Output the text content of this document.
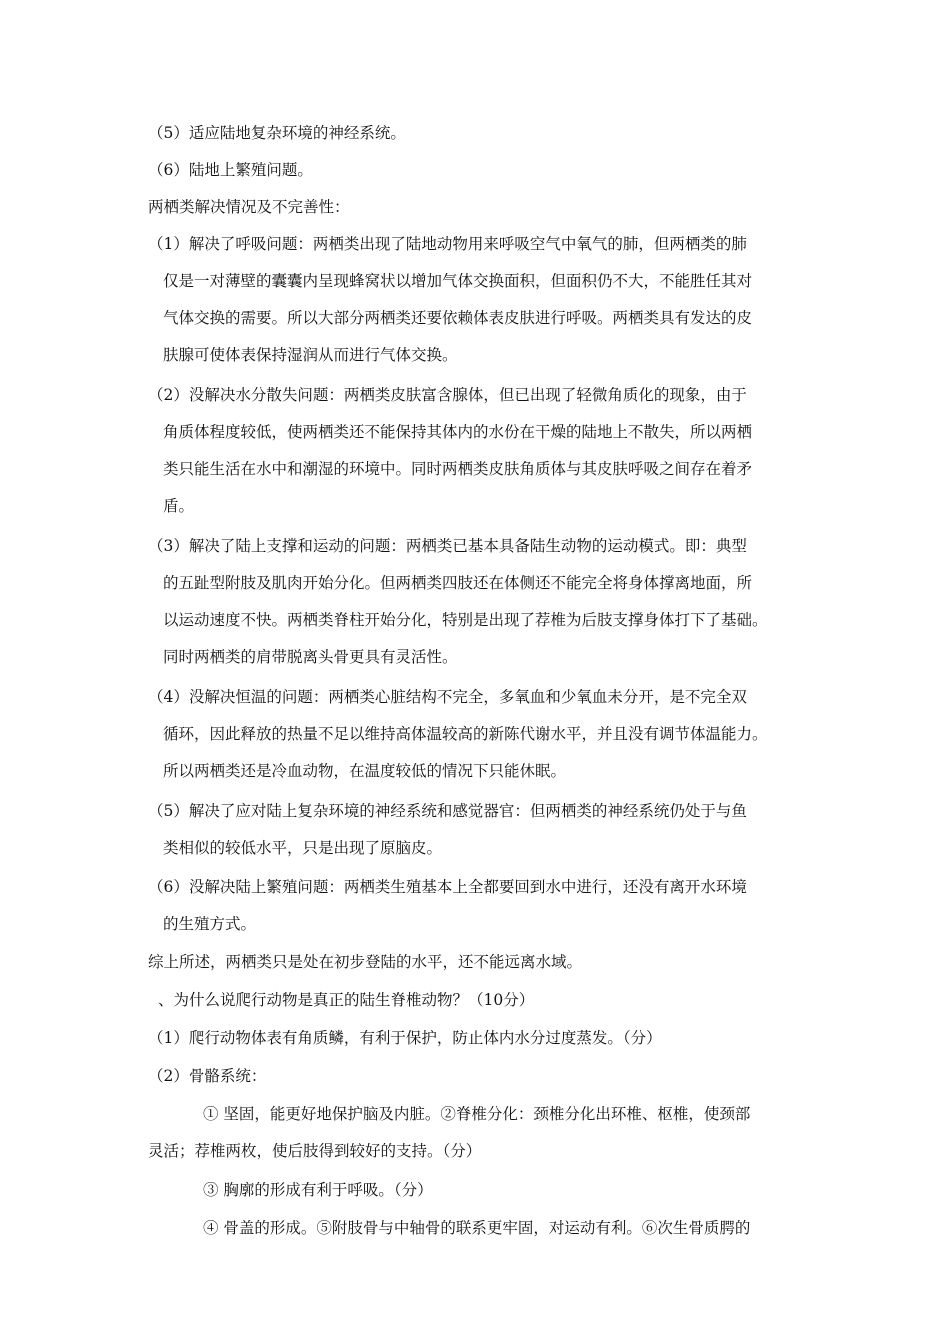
（5）适应陆地复杂环境的神经系统。
（6）陆地上繁殖问题。
两栖类解决情况及不完善性：
（1）解决了呼吸问题：两栖类出现了陆地动物用来呼吸空气中氧气的肺，但两栖类的肺
仅是一对薄壁的囊囊内呈现蜂窝状以增加气体交换面积，但面积仍不大，不能胜任其对
气体交换的需要。所以大部分两栖类还要依赖体表皮肤进行呼吸。两栖类具有发达的皮
肤腺可使体表保持湿润从而进行气体交换。
（2）没解决水分散失问题：两栖类皮肤富含腺体，但已出现了轻微角质化的现象，由于
角质体程度较低，使两栖类还不能保持其体内的水份在干燥的陆地上不散失，所以两栖
类只能生活在水中和潮湿的环境中。同时两栖类皮肤角质体与其皮肤呼吸之间存在着矛
盾。
（3）解决了陆上支撑和运动的问题：两栖类已基本具备陆生动物的运动模式。即：典型
的五趾型附肢及肌肉开始分化。但两栖类四肢还在体侧还不能完全将身体撑离地面，所
以运动速度不快。两栖类脊柱开始分化，特别是出现了荐椎为后肢支撑身体打下了基础。
同时两栖类的肩带脱离头骨更具有灵活性。
（4）没解决恒温的问题：两栖类心脏结构不完全，多氧血和少氧血未分开，是不完全双
循环，因此释放的热量不足以维持高体温较高的新陈代谢水平，并且没有调节体温能力。
所以两栖类还是冷血动物，在温度较低的情况下只能休眠。
（5）解决了应对陆上复杂环境的神经系统和感觉器官：但两栖类的神经系统仍处于与鱼
类相似的较低水平，只是出现了原脑皮。
（6）没解决陆上繁殖问题：两栖类生殖基本上全都要回到水中进行，还没有离开水环境
的生殖方式。
综上所述，两栖类只是处在初步登陆的水平，还不能远离水域。
、为什么说爬行动物是真正的陆生脊椎动物？（10分）
（1）爬行动物体表有角质鳞，有利于保护，防止体内水分过度蒸发。（分）
（2）骨骼系统：
① 坚固，能更好地保护脑及内脏。②脊椎分化：颈椎分化出环椎、枢椎，使颈部
灵活；荐椎两枚，使后肢得到较好的支持。（分）
③ 胸廓的形成有利于呼吸。（分）
④ 骨盖的形成。⑤附肢骨与中轴骨的联系更牢固，对运动有利。⑥次生骨质腭的
